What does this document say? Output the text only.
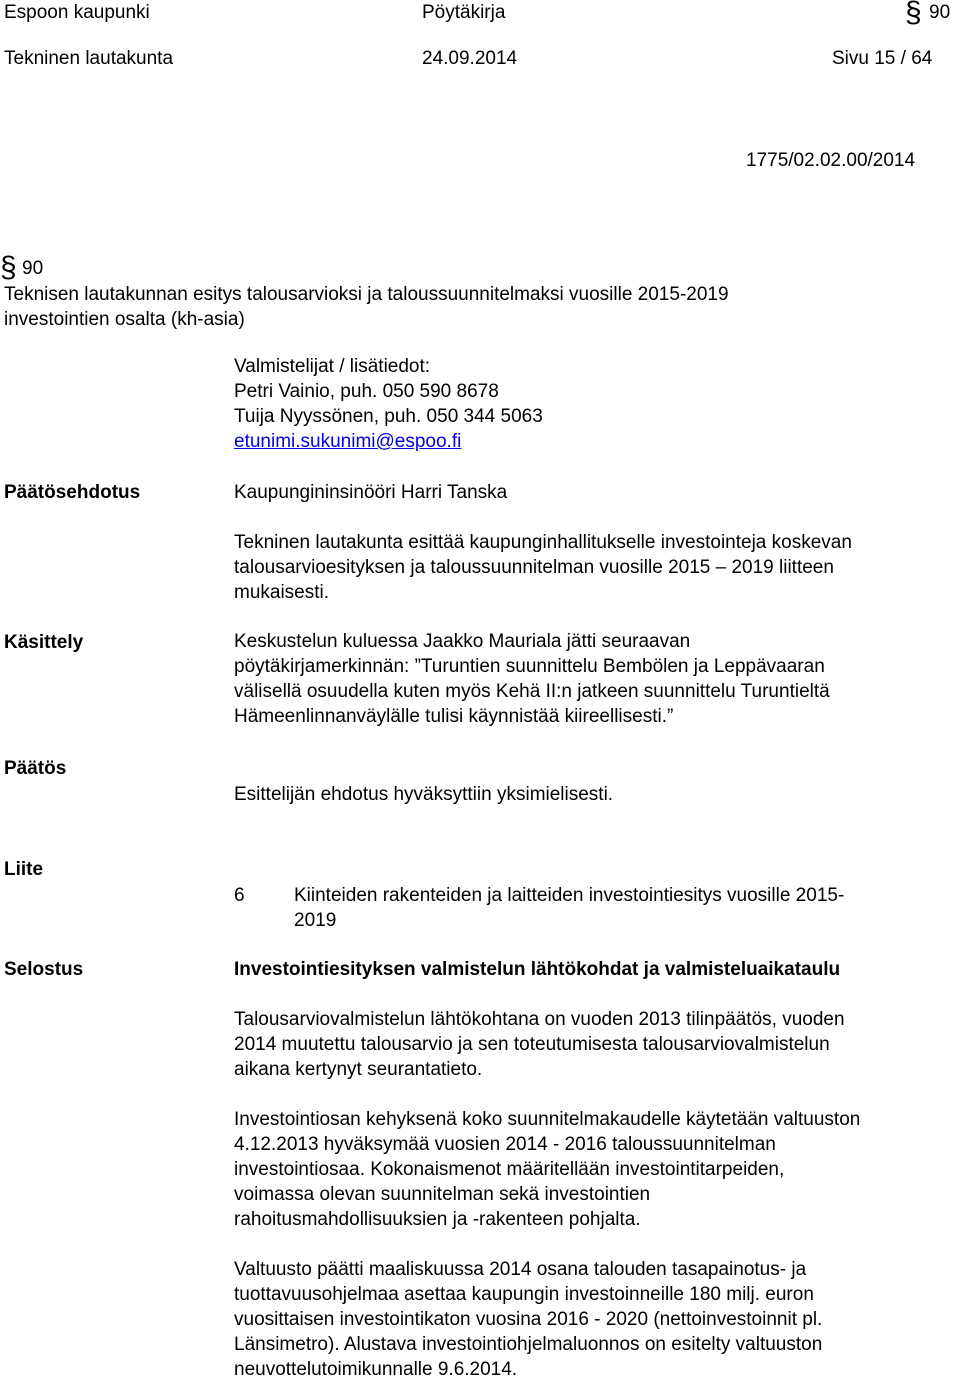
Espoon kaupunki	Pöytäkirja	§ 90
Tekninen lautakunta	24.09.2014	Sivu 15 / 64
1775/02.02.00/2014
§ 90
Teknisen lautakunnan esitys talousarvioksi ja taloussuunnitelmaksi vuosille 2015-2019
investointien osalta (kh-asia)

Valmistelijat / lisätiedot:

Petri Vainio, puh. 050 590 8678

Tuija Nyyssönen, puh. 050 344 5063

etunimi.sukunimi@espoo.fi

Päätösehdotus	Kaupungininsinööri Harri Tanska

Tekninen lautakunta esittää kaupunginhallitukselle investointeja koskevan

talousarvioesityksen ja taloussuunnitelman vuosille 2015 – 2019 liitteen

mukaisesti.

Käsittely	Keskustelun kuluessa Jaakko Mauriala jätti seuraavan

pöytäkirjamerkinnän: ”Turuntien suunnittelu Bembölen ja Leppävaaran

välisellä osuudella kuten myös Kehä II:n jatkeen suunnittelu Turuntieltä

Hämeenlinnanväylälle tulisi käynnistää kiireellisesti.”

Päätös
Esittelijän ehdotus hyväksyttiin yksimielisesti.
Liite
6	Kiinteiden rakenteiden ja laitteiden investointiesitys vuosille 2015-
2019
Selostus	Investointiesityksen valmistelun lähtökohdat ja valmisteluaikataulu

Talousarviovalmistelun lähtökohtana on vuoden 2013 tilinpäätös, vuoden

2014 muutettu talousarvio ja sen toteutumisesta talousarviovalmistelun

aikana kertynyt seurantatieto.

Investointiosan kehyksenä koko suunnitelmakaudelle käytetään valtuuston

4.12.2013 hyväksymää vuosien 2014 - 2016 taloussuunnitelman

investointiosaa. Kokonaismenot määritellään investointitarpeiden,

voimassa olevan suunnitelman sekä investointien

rahoitusmahdollisuuksien ja -rakenteen pohjalta.

Valtuusto päätti maaliskuussa 2014 osana talouden tasapainotus- ja

tuottavuusohjelmaa asettaa kaupungin investoinneille 180 milj. euron

vuosittaisen investointikaton vuosina 2016 - 2020 (nettoinvestoinnit pl.

Länsimetro). Alustava investointiohjelmaluonnos on esitelty valtuuston

neuvottelutoimikunnalle 9.6.2014.
